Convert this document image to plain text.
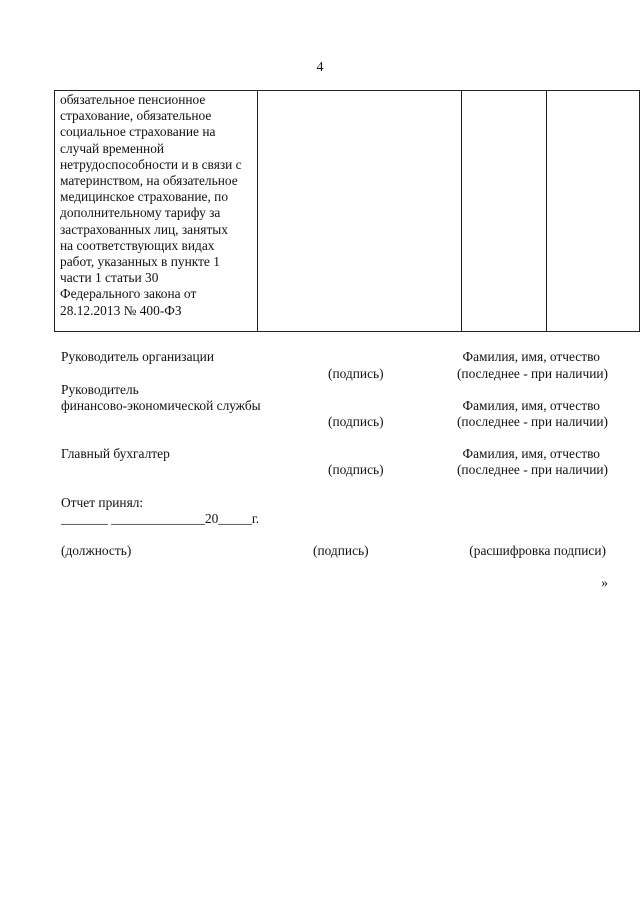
4
обязательное пенсионное
страхование, обязательное
социальное страхование на
случай временной
нетрудоспособности и в связи с
материнством, на обязательное
медицинское страхование, по
дополнительному тарифу за
застрахованных лиц, занятых
на соответствующих видах
работ, указанных в пункте 1
части 1 статьи 30
Федерального закона от
28.12.2013 № 400-ФЗ

Руководитель организации	Фамилия, имя, отчество
(подпись)	(последнее - при наличии)
Руководитель
финансово-экономической службы	Фамилия, имя, отчество
(подпись)	(последнее - при наличии)
Главный бухгалтер	Фамилия, имя, отчество
(подпись)	(последнее - при наличии)
Отчет принял:
_______ ______________20_____г.
(должность)	(подпись)	(расшифровка подписи)
»
